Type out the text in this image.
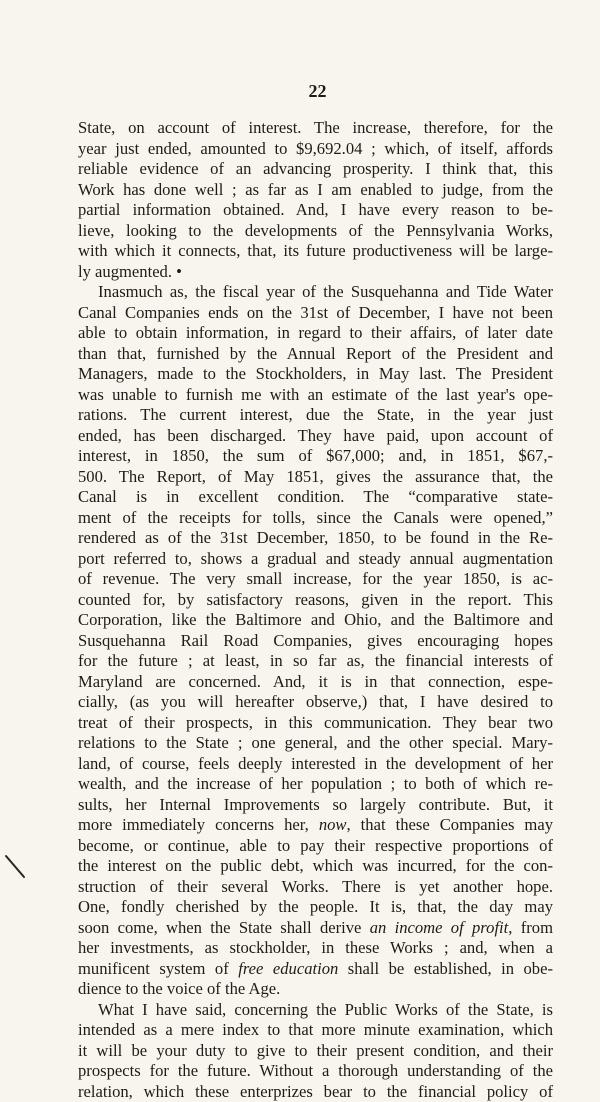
22
State, on account of interest. The increase, therefore, for the
year just ended, amounted to $9,692.04 ; which, of itself, affords
reliable evidence of an advancing prosperity. I think that, this
Work has done well ; as far as I am enabled to judge, from the
partial information obtained. And, I have every reason to be-
lieve, looking to the developments of the Pennsylvania Works,
with which it connects, that, its future productiveness will be large-
ly augmented. •
Inasmuch as, the fiscal year of the Susquehanna and Tide Water
Canal Companies ends on the 31st of December, I have not been
able to obtain information, in regard to their affairs, of later date
than that, furnished by the Annual Report of the President and
Managers, made to the Stockholders, in May last. The President
was unable to furnish me with an estimate of the last year's ope-
rations. The current interest, due the State, in the year just
ended, has been discharged. They have paid, upon account of
interest, in 1850, the sum of $67,000; and, in 1851, $67,-
500. The Report, of May 1851, gives the assurance that, the
Canal is in excellent condition. The “comparative state-
ment of the receipts for tolls, since the Canals were opened,”
rendered as of the 31st December, 1850, to be found in the Re-
port referred to, shows a gradual and steady annual augmentation
of revenue. The very small increase, for the year 1850, is ac-
counted for, by satisfactory reasons, given in the report. This
Corporation, like the Baltimore and Ohio, and the Baltimore and
Susquehanna Rail Road Companies, gives encouraging hopes
for the future ; at least, in so far as, the financial interests of
Maryland are concerned. And, it is in that connection, espe-
cially, (as you will hereafter observe,) that, I have desired to
treat of their prospects, in this communication. They bear two
relations to the State ; one general, and the other special. Mary-
land, of course, feels deeply interested in the development of her
wealth, and the increase of her population ; to both of which re-
sults, her Internal Improvements so largely contribute. But, it
more immediately concerns her, now, that these Companies may
become, or continue, able to pay their respective proportions of
the interest on the public debt, which was incurred, for the con-
struction of their several Works. There is yet another hope.
One, fondly cherished by the people. It is, that, the day may
soon come, when the State shall derive an income of profit, from
her investments, as stockholder, in these Works ; and, when a
munificent system of free education shall be established, in obe-
dience to the voice of the Age.
What I have said, concerning the Public Works of the State, is
intended as a mere index to that more minute examination, which
it will be your duty to give to their present condition, and their
prospects for the future. Without a thorough understanding of the
relation, which these enterprizes bear to the financial policy of
